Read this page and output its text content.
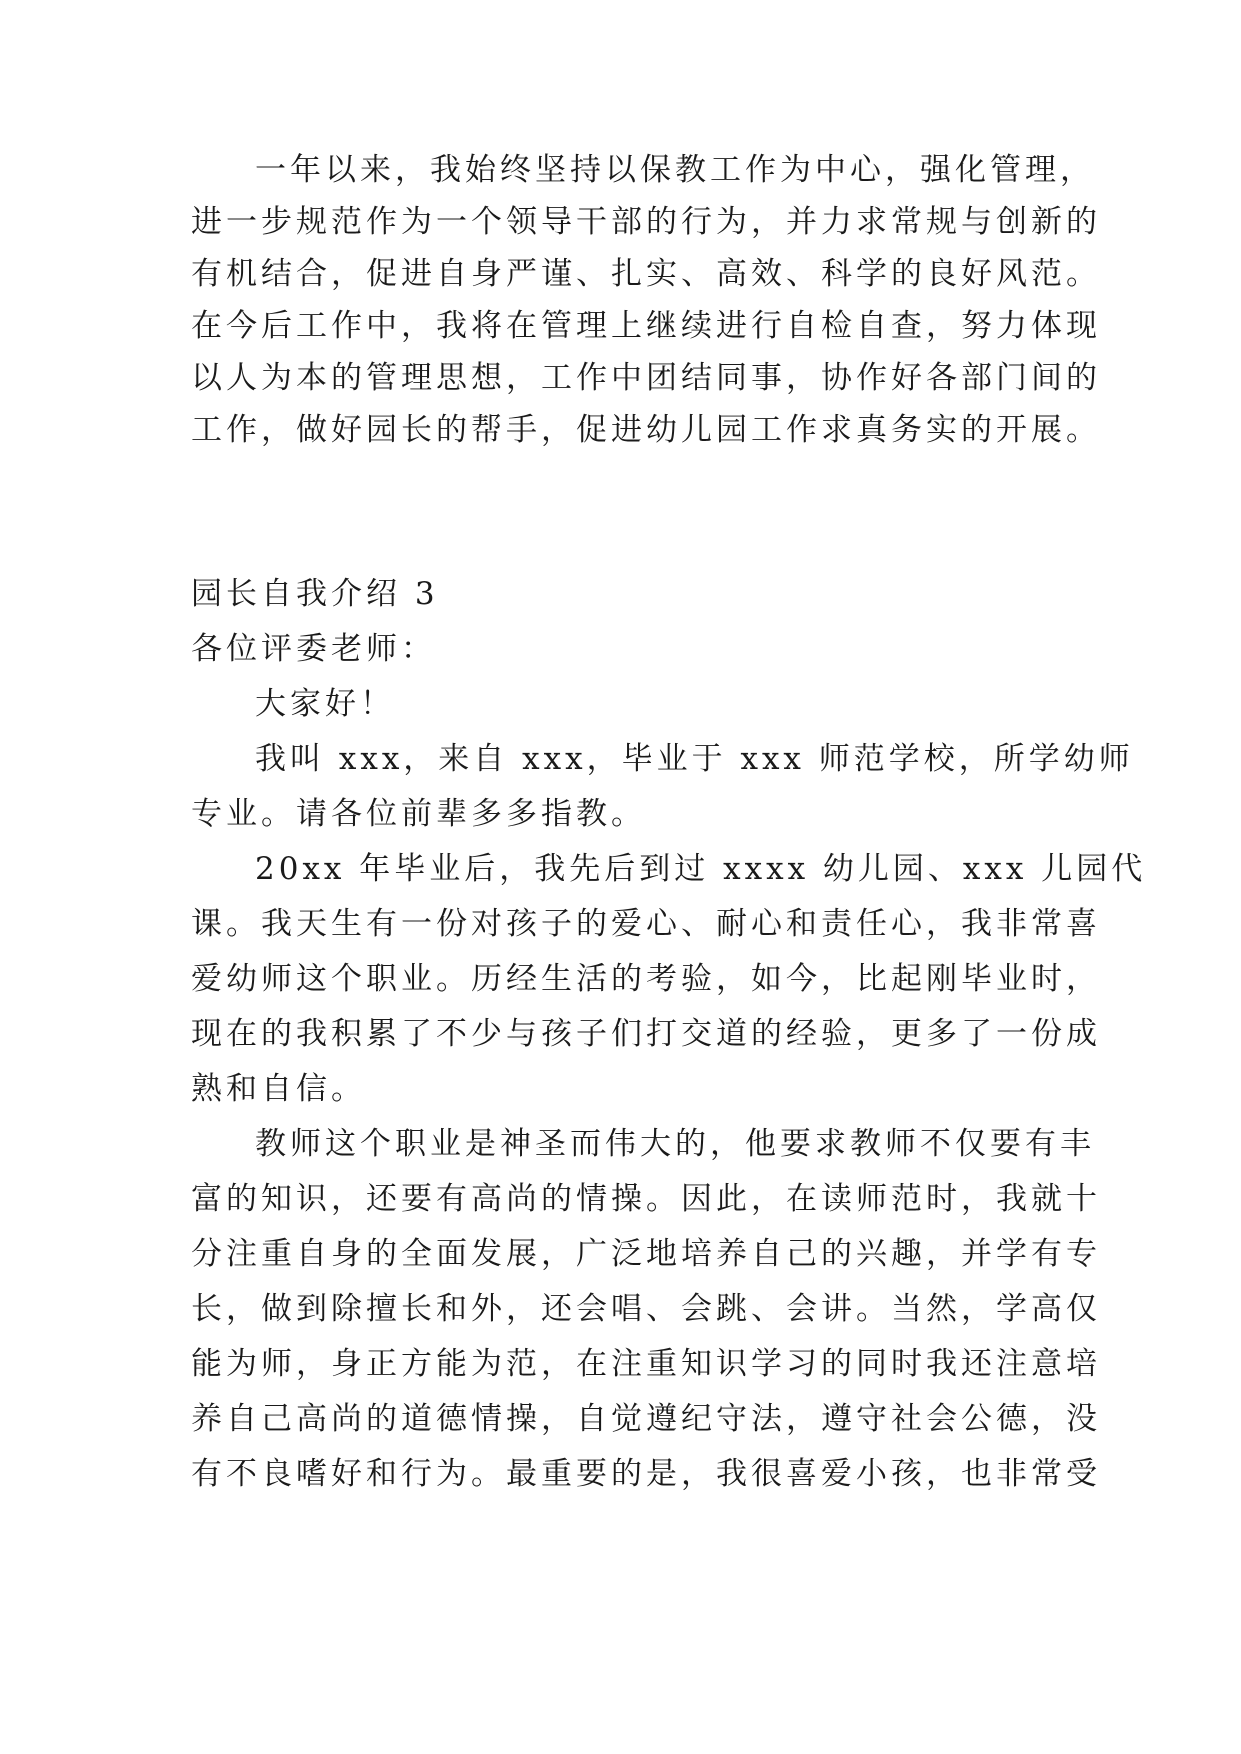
一年以来，我始终坚持以保教工作为中心，强化管理，
进一步规范作为一个领导干部的行为，并力求常规与创新的
有机结合，促进自身严谨、扎实、高效、科学的良好风范。
在今后工作中，我将在管理上继续进行自检自查，努力体现
以人为本的管理思想，工作中团结同事，协作好各部门间的
工作，做好园长的帮手，促进幼儿园工作求真务实的开展。
园长自我介绍 3
各位评委老师：
大家好！
我叫 xxx，来自 xxx，毕业于 xxx 师范学校，所学幼师
专业。请各位前辈多多指教。
20xx 年毕业后，我先后到过 xxxx 幼儿园、xxx 儿园代
课。我天生有一份对孩子的爱心、耐心和责任心，我非常喜
爱幼师这个职业。历经生活的考验，如今，比起刚毕业时，
现在的我积累了不少与孩子们打交道的经验，更多了一份成
熟和自信。
教师这个职业是神圣而伟大的，他要求教师不仅要有丰
富的知识，还要有高尚的情操。因此，在读师范时，我就十
分注重自身的全面发展，广泛地培养自己的兴趣，并学有专
长，做到除擅长和外，还会唱、会跳、会讲。当然，学高仅
能为师，身正方能为范，在注重知识学习的同时我还注意培
养自己高尚的道德情操，自觉遵纪守法，遵守社会公德，没
有不良嗜好和行为。最重要的是，我很喜爱小孩，也非常受
